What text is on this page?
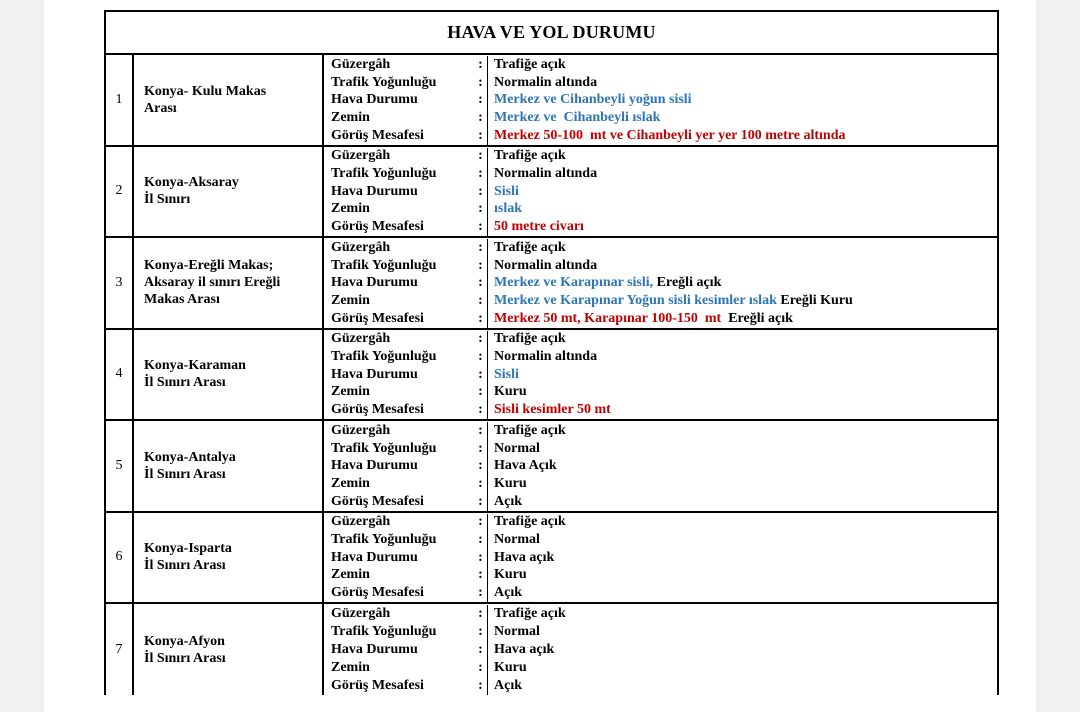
HAVA VE YOL DURUMU
1
Konya- Kulu Makas
Arası
Güzergâh	: Trafiğe açık
Trafik Yoğunluğu	: Normalin altında
Hava Durumu	: Merkez ve Cihanbeyli yoğun sisli
Zemin	: Merkez ve  Cihanbeyli ıslak
Görüş Mesafesi	: Merkez 50-100  mt ve Cihanbeyli yer yer 100 metre altında
2
Konya-Aksaray
İl Sınırı
Güzergâh	: Trafiğe açık
Trafik Yoğunluğu	: Normalin altında
Hava Durumu	: Sisli
Zemin	: ıslak
Görüş Mesafesi	: 50 metre civarı
3
Konya-Ereğli Makas;
Aksaray il sınırı Ereğli
Makas Arası
Güzergâh	: Trafiğe açık
Trafik Yoğunluğu	: Normalin altında
Hava Durumu	: Merkez ve Karapınar sisli, Ereğli açık
Zemin	: Merkez ve Karapınar Yoğun sisli kesimler ıslak Ereğli Kuru
Görüş Mesafesi	: Merkez 50 mt, Karapınar 100-150  mt  Ereğli açık
4
Konya-Karaman
İl Sınırı Arası
Güzergâh	: Trafiğe açık
Trafik Yoğunluğu	: Normalin altında
Hava Durumu	: Sisli
Zemin	: Kuru
Görüş Mesafesi	: Sisli kesimler 50 mt
5
Konya-Antalya
İl Sınırı Arası
Güzergâh	: Trafiğe açık
Trafik Yoğunluğu	: Normal
Hava Durumu	: Hava Açık
Zemin	: Kuru
Görüş Mesafesi	: Açık
6
Konya-Isparta
İl Sınırı Arası
Güzergâh	: Trafiğe açık
Trafik Yoğunluğu	: Normal
Hava Durumu	: Hava açık
Zemin	: Kuru
Görüş Mesafesi	: Açık
7
Konya-Afyon
İl Sınırı Arası
Güzergâh	: Trafiğe açık
Trafik Yoğunluğu	: Normal
Hava Durumu	: Hava açık
Zemin	: Kuru
Görüş Mesafesi	: Açık
